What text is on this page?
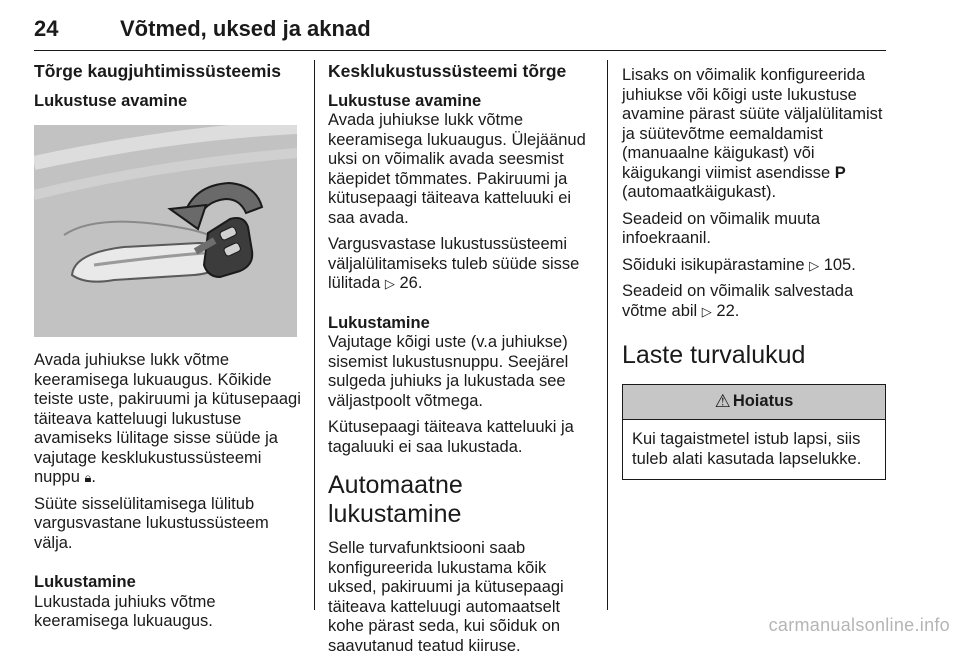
24	Võtmed, uksed ja aknad
Tõrge kaugjuhtimissüsteemis
Lukustuse avamine

Avada juhiukse lukk võtme keeramisega lukuaugus. Kõikide teiste uste, pakiruumi ja kütusepaagi täiteava katteluugi lukustuse avamiseks lülitage sisse süüde ja vajutage kesklukustussüsteemi nuppu 🔒︎.

Süüte sisselülitamisega lülitub vargusvastane lukustussüsteem välja.

Lukustamine

Lukustada juhiuks võtme keeramisega lukuaugus.

Kesklukustussüsteemi tõrge
Lukustuse avamine

Avada juhiukse lukk võtme keeramisega lukuaugus. Ülejäänud uksi on võimalik avada seesmist käepidet tõmmates. Pakiruumi ja kütusepaagi täiteava katteluuki ei saa avada.

Vargusvastase lukustussüsteemi väljalülitamiseks tuleb süüde sisse lülitada ▷ 26.

Lukustamine

Vajutage kõigi uste (v.a juhiukse) sisemist lukustusnuppu. Seejärel sulgeda juhiuks ja lukustada see väljastpoolt võtmega.

Kütusepaagi täiteava katteluuki ja tagaluuki ei saa lukustada.

Automaatne lukustamine

Selle turvafunktsiooni saab konfigureerida lukustama kõik uksed, pakiruumi ja kütusepaagi täiteava katteluugi automaatselt kohe pärast seda, kui sõiduk on saavutanud teatud kiiruse.

Lisaks on võimalik konfigureerida juhiukse või kõigi uste lukustuse avamine pärast süüte väljalülitamist ja süütevõtme eemaldamist (manuaalne käigukast) või käigukangi viimist asendisse P (automaatkäigukast).

Seadeid on võimalik muuta infoekraanil.

Sõiduki isikupärastamine ▷ 105.

Seadeid on võimalik salvestada võtme abil ▷ 22.

Laste turvalukud
⚠ Hoiatus
Kui tagaistmetel istub lapsi, siis tuleb alati kasutada lapselukke.
carmanualsonline.info
